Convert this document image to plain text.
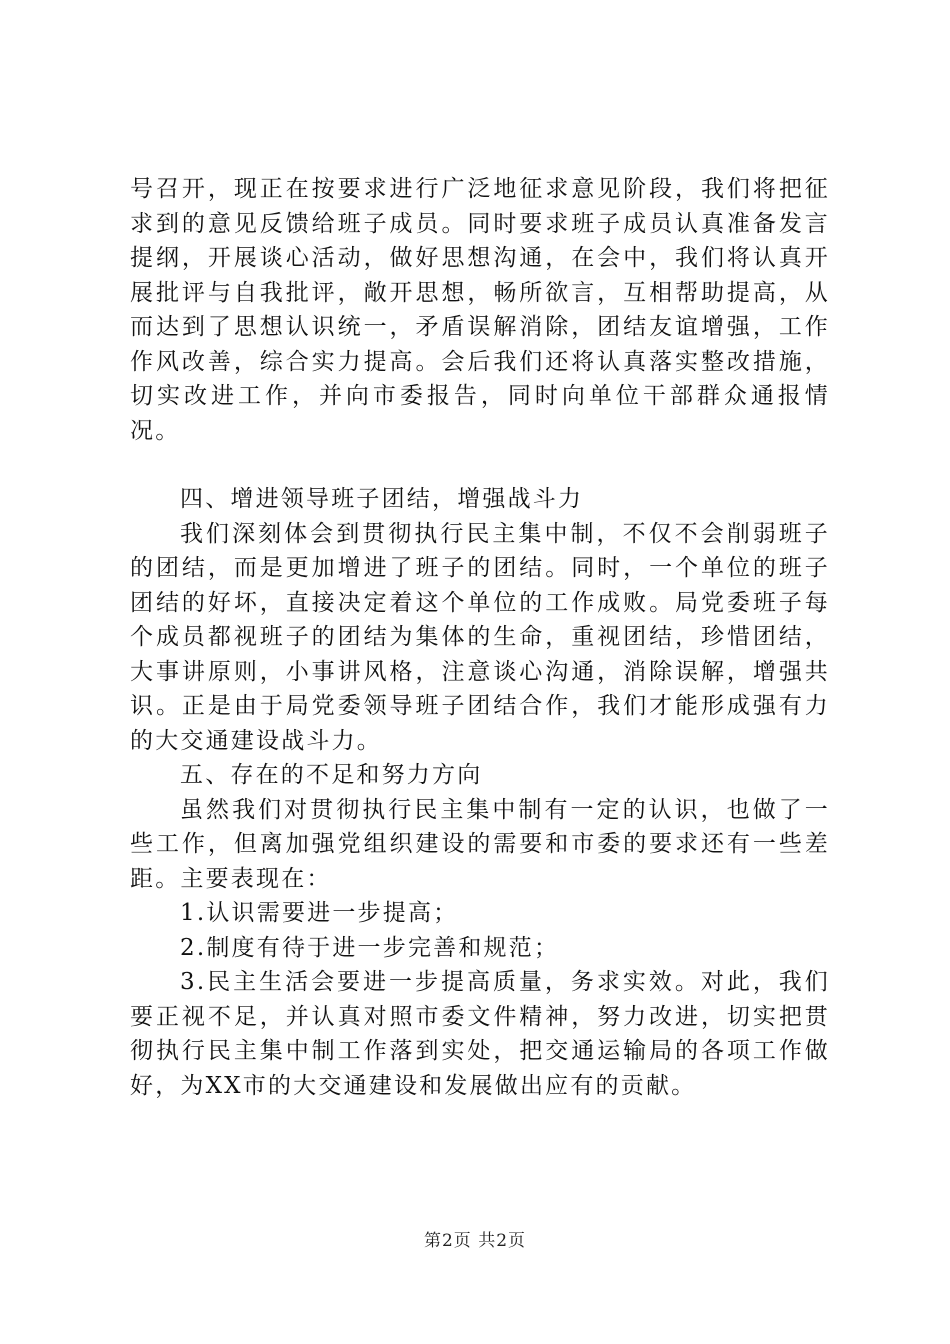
号召开，现正在按要求进行广泛地征求意见阶段，我们将把征求到的意见反馈给班子成员。同时要求班子成员认真准备发言提纲，开展谈心活动，做好思想沟通，在会中，我们将认真开展批评与自我批评，敞开思想，畅所欲言，互相帮助提高，从而达到了思想认识统一，矛盾误解消除，团结友谊增强，工作作风改善，综合实力提高。会后我们还将认真落实整改措施，切实改进工作，并向市委报告，同时向单位干部群众通报情况。

四、增进领导班子团结，增强战斗力

我们深刻体会到贯彻执行民主集中制，不仅不会削弱班子的团结，而是更加增进了班子的团结。同时，一个单位的班子团结的好坏，直接决定着这个单位的工作成败。局党委班子每个成员都视班子的团结为集体的生命，重视团结，珍惜团结，大事讲原则，小事讲风格，注意谈心沟通，消除误解，增强共识。正是由于局党委领导班子团结合作，我们才能形成强有力的大交通建设战斗力。

五、存在的不足和努力方向

虽然我们对贯彻执行民主集中制有一定的认识，也做了一些工作，但离加强党组织建设的需要和市委的要求还有一些差距。主要表现在：

1.认识需要进一步提高；

2.制度有待于进一步完善和规范；

3.民主生活会要进一步提高质量，务求实效。对此，我们要正视不足，并认真对照市委文件精神，努力改进，切实把贯彻执行民主集中制工作落到实处，把交通运输局的各项工作做好，为XX市的大交通建设和发展做出应有的贡献。

第2页 共2页
